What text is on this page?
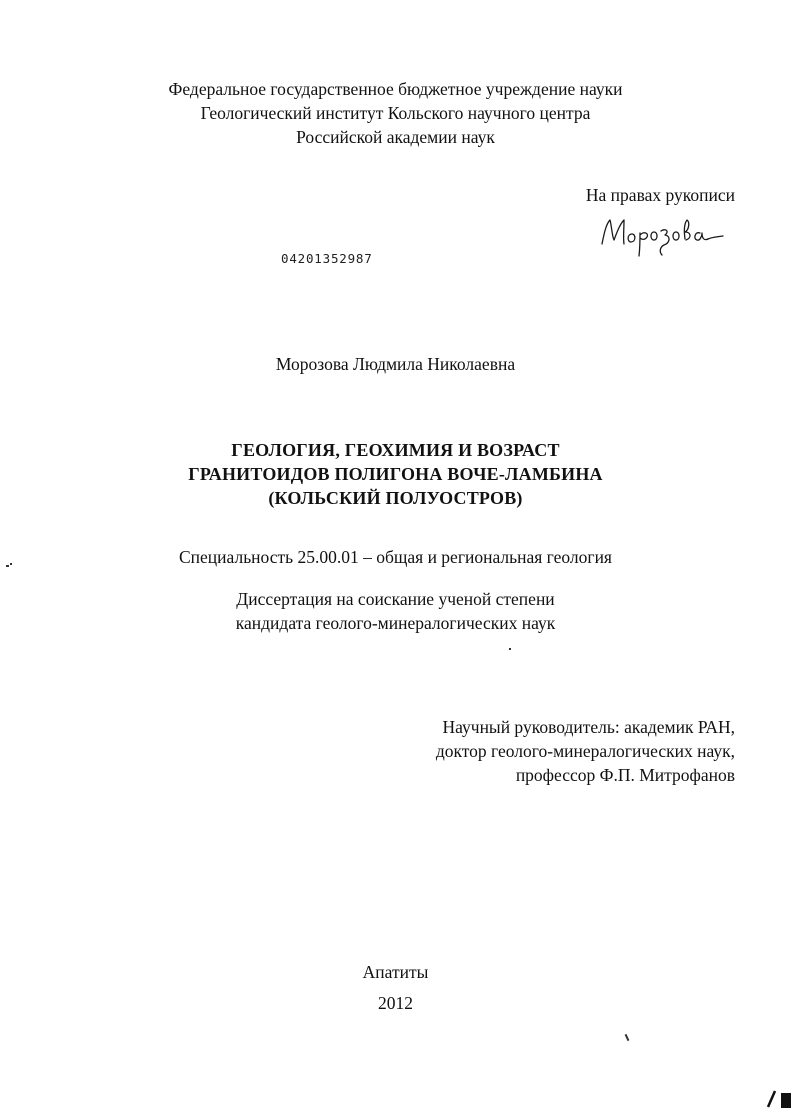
Федеральное государственное бюджетное учреждение науки
Геологический институт Кольского научного центра
Российской академии наук
На правах рукописи
04201352987
Морозова Людмила Николаевна
ГЕОЛОГИЯ, ГЕОХИМИЯ И ВОЗРАСТ
ГРАНИТОИДОВ ПОЛИГОНА ВОЧЕ-ЛАМБИНА
(КОЛЬСКИЙ ПОЛУОСТРОВ)
Специальность 25.00.01 – общая и региональная геология
Диссертация на соискание ученой степени
кандидата геолого-минералогических наук
Научный руководитель: академик РАН,
доктор геолого-минералогических наук,
профессор Ф.П. Митрофанов
Апатиты
2012
